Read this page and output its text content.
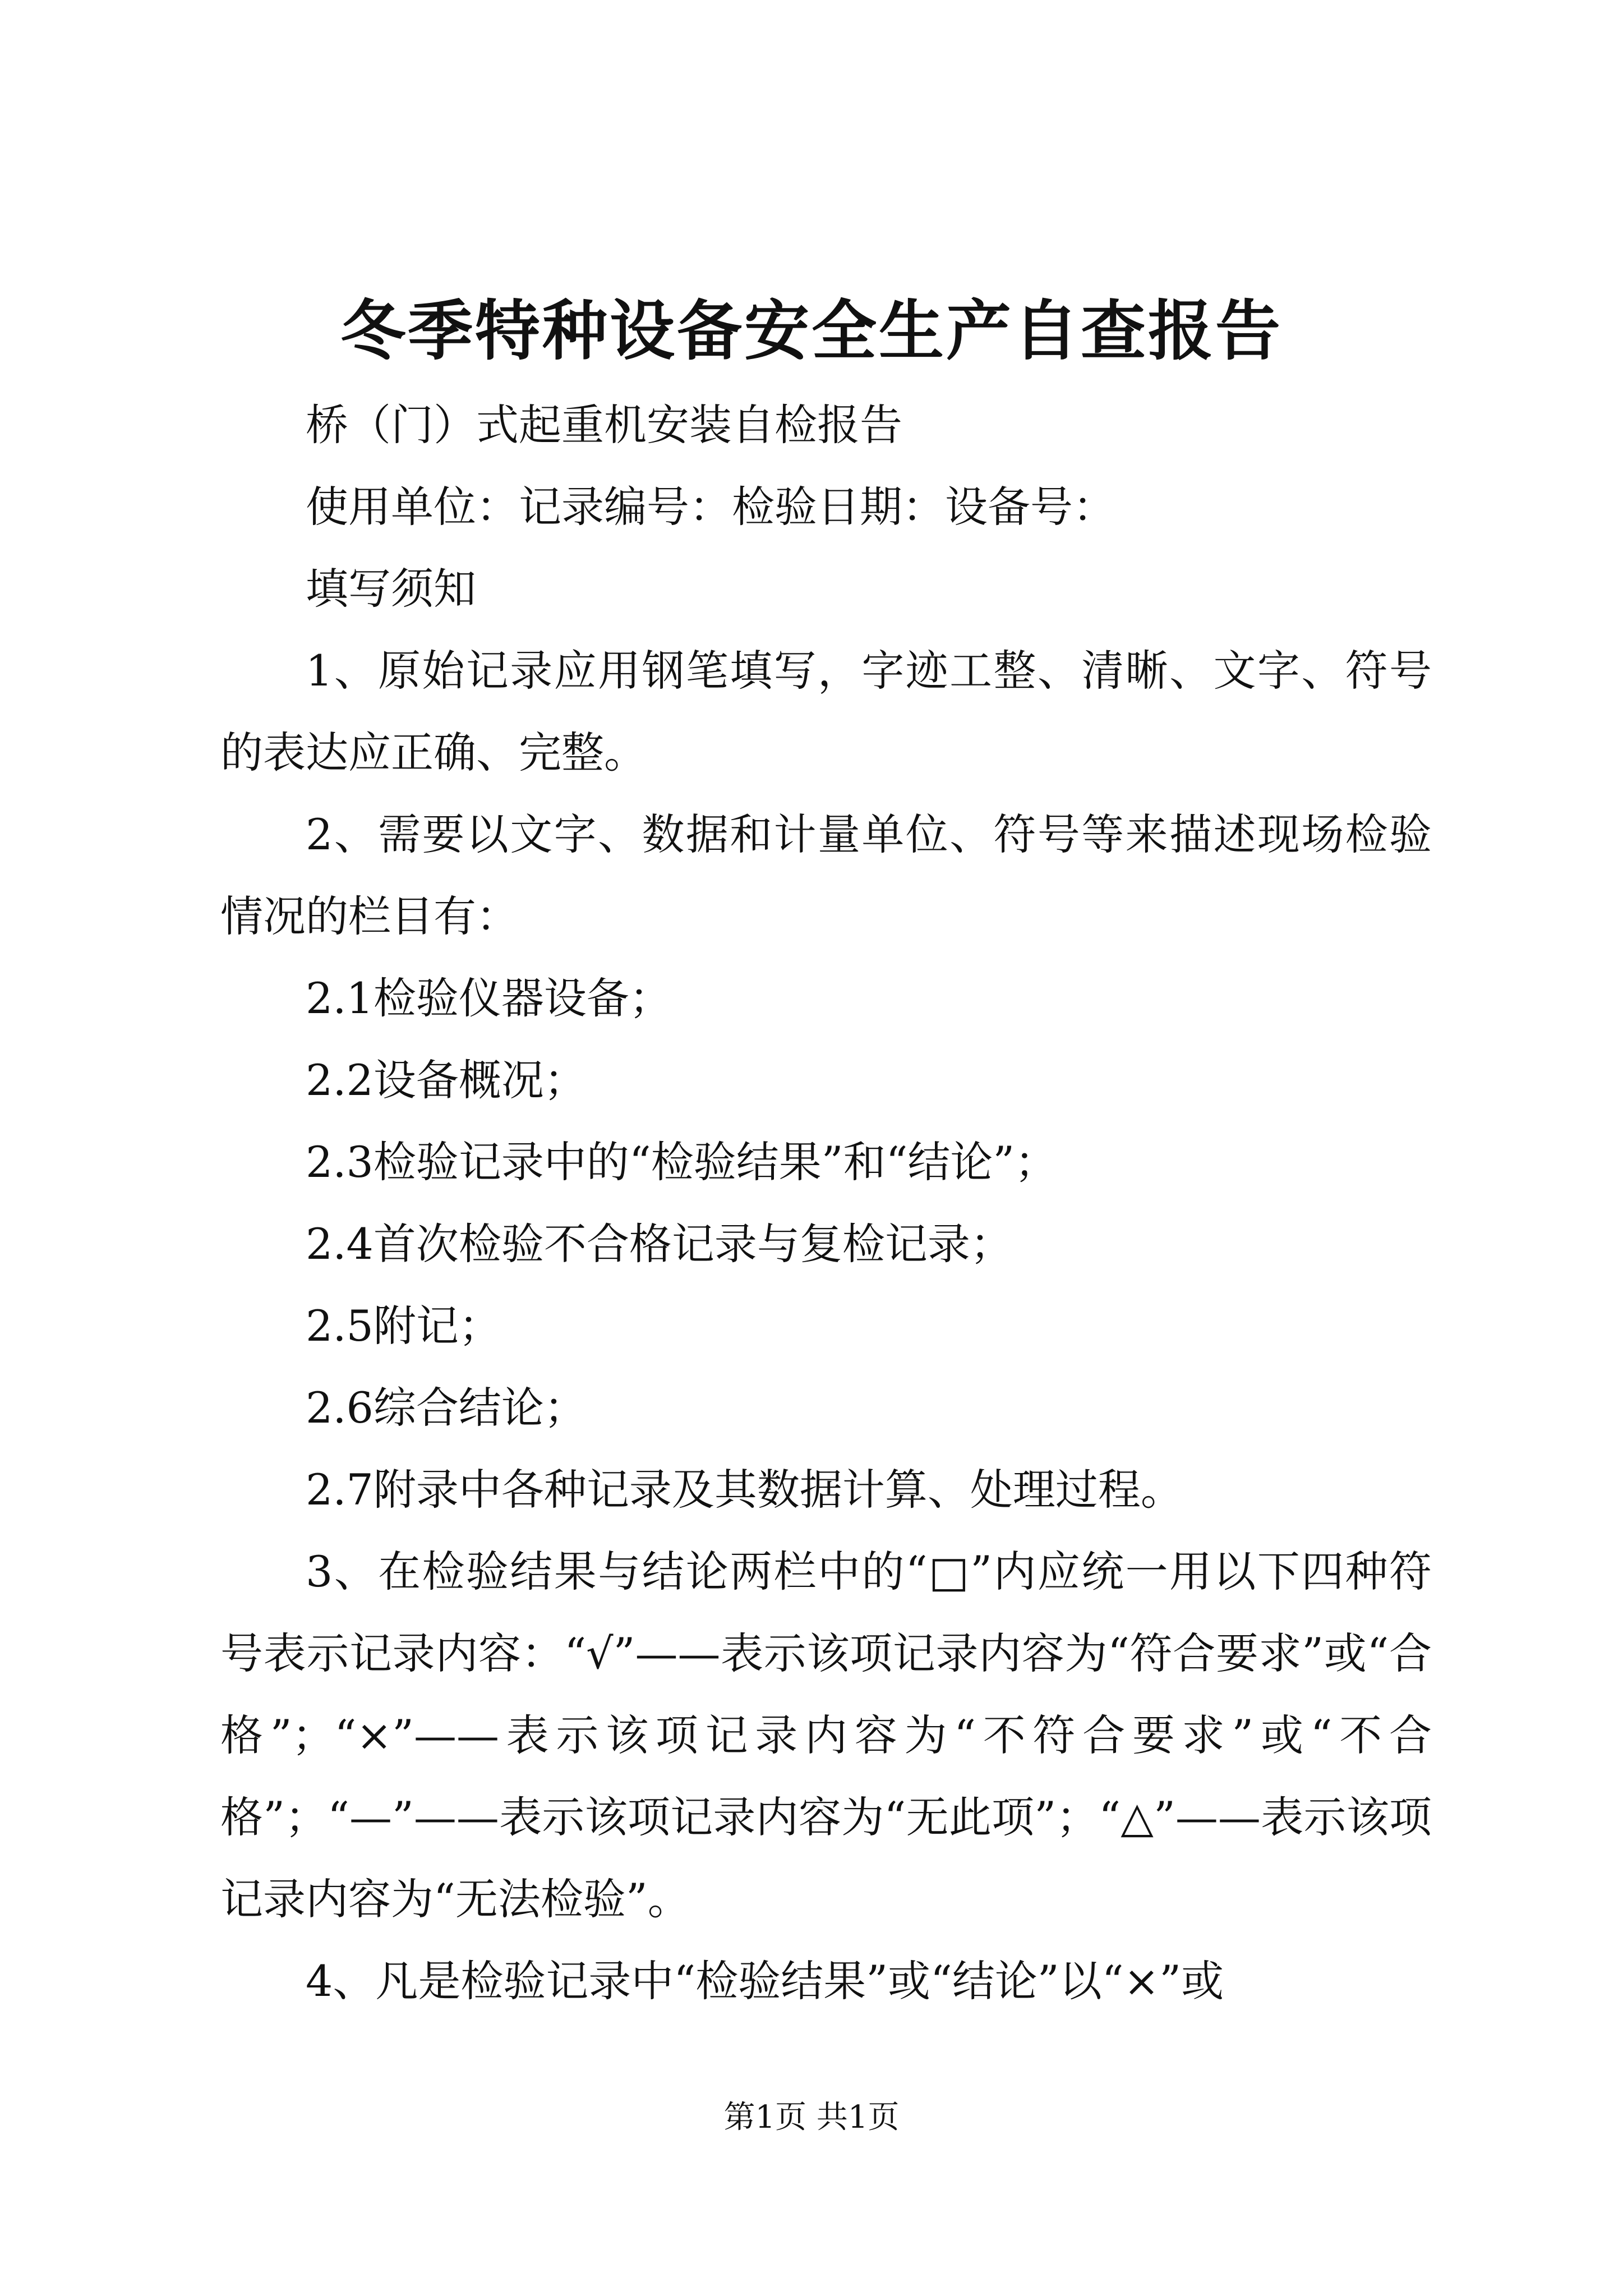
冬季特种设备安全生产自查报告

桥（门）式起重机安装自检报告

使用单位：记录编号：检验日期：设备号：

填写须知

1、原始记录应用钢笔填写，字迹工整、清晰、文字、符号的表达应正确、完整。

2、需要以文字、数据和计量单位、符号等来描述现场检验情况的栏目有：

2.1检验仪器设备；

2.2设备概况；

2.3检验记录中的“检验结果”和“结论”；

2.4首次检验不合格记录与复检记录；

2.5附记；

2.6综合结论；

2.7附录中各种记录及其数据计算、处理过程。

3、在检验结果与结论两栏中的“□”内应统一用以下四种符号表示记录内容：“√”——表示该项记录内容为“符合要求”或“合格”；“×”——表示该项记录内容为“不符合要求”或“不合格”；“—”——表示该项记录内容为“无此项”；“△”——表示该项记录内容为“无法检验”。

4、凡是检验记录中“检验结果”或“结论”以“×”或

第1页 共1页
